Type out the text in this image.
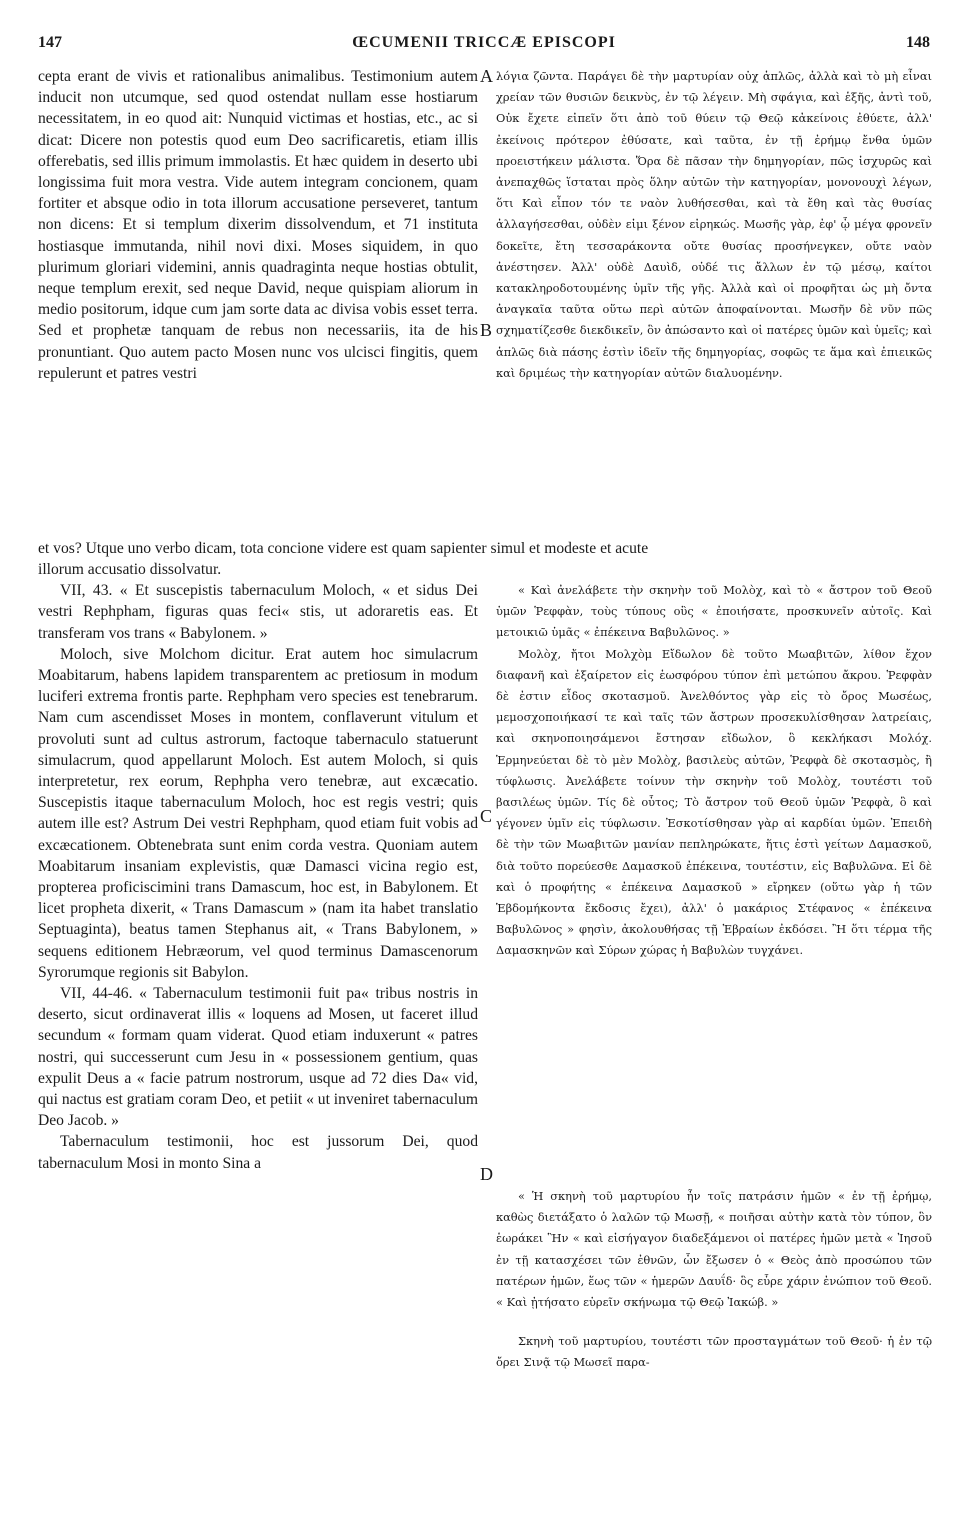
147	ŒCUMENII TRICCÆ EPISCOPI	148

cepta erant de vivis et rationalibus animalibus. Testimonium autem inducit non utcumque, sed quod ostendat nullam esse hostiarum necessitatem, in eo quod ait: Nunquid victimas et hostias, etc., ac si dicat: Dicere non potestis quod eum Deo sacrificaretis, etiam illis offerebatis, sed illis primum immolastis. Et hæc quidem in deserto ubi longissima fuit mora vestra. Vide autem integram concionem, quam fortiter et absque odio in tota illorum accusatione perseveret, tantum non dicens: Et si templum dixerim dissolvendum, et 71 instituta hostiasque immutanda, nihil novi dixi. Moses siquidem, in quo plurimum gloriari videmini, annis quadraginta neque hostias obtulit, neque templum erexit, sed neque David, neque quispiam aliorum in medio positorum, idque cum jam sorte data ac divisa vobis esset terra. Sed et prophetæ tanquam de rebus non necessariis, ita de his pronuntiant. Quo autem pacto Mosen nunc vos ulcisci fingitis, quem repulerunt et patres vestri

A
B

λόγια ζῶντα. Παράγει δὲ τὴν μαρτυρίαν οὐχ ἁπλῶς, ἀλλὰ καὶ τὸ μὴ εἶναι χρείαν τῶν θυσιῶν δεικνὺς, ἐν τῷ λέγειν. Μὴ σφάγια, καὶ ἑξῆς, ἀντὶ τοῦ, Οὐκ ἔχετε εἰπεῖν ὅτι ἀπὸ τοῦ θύειν τῷ Θεῷ κἀκείνοις ἐθύετε, ἀλλ' ἐκείνοις πρότερον ἐθύσατε, καὶ ταῦτα, ἐν τῇ ἐρήμῳ ἔνθα ὑμῶν προειστήκειν μάλιστα. Ὅρα δὲ πᾶσαν τὴν δημηγορίαν, πῶς ἰσχυρῶς καὶ ἀνεπαχθῶς ἵσταται πρὸς ὅλην αὐτῶν τὴν κατηγορίαν, μονονουχὶ λέγων, ὅτι Καὶ εἶπον τόν τε ναὸν λυθήσεσθαι, καὶ τὰ ἔθη καὶ τὰς θυσίας ἀλλαγήσεσθαι, οὐδὲν εἰμι ξένον εἰρηκώς. Μωσῆς γὰρ, ἐφ' ᾧ μέγα φρονεῖν δοκεῖτε, ἔτη τεσσαράκοντα οὔτε θυσίας προσήνεγκεν, οὔτε ναὸν ἀνέστησεν. Ἀλλ' οὐδὲ Δαυὶδ, οὐδέ τις ἄλλων ἐν τῷ μέσῳ, καίτοι κατακληροδοτουμένης ὑμῖν τῆς γῆς. Ἀλλὰ καὶ οἱ προφῆται ὡς μὴ ὄντα ἀναγκαῖα ταῦτα οὕτω περὶ αὐτῶν ἀποφαίνονται. Μωσῆν δὲ νῦν πῶς σχηματίζεσθε διεκδικεῖν, ὃν ἀπώσαντο καὶ οἱ πατέρες ὑμῶν καὶ ὑμεῖς; καὶ ἁπλῶς διὰ πάσης ἐστὶν ἰδεῖν τῆς δημηγορίας, σοφῶς τε ἅμα καὶ ἐπιεικῶς καὶ δριμέως τὴν κατηγορίαν αὐτῶν διαλυομένην.

et vos? Utque uno verbo dicam, tota concione videre est quam sapienter simul et modeste et acute

illorum accusatio dissolvatur.

VII, 43. « Et suscepistis tabernaculum Moloch, « et sidus Dei vestri Rephpham, figuras quas feci« stis, ut adoraretis eas. Et transferam vos trans « Babylonem. »

Moloch, sive Molchom dicitur. Erat autem hoc simulacrum Moabitarum, habens lapidem transparentem ac pretiosum in modum luciferi extrema frontis parte. Rephpham vero species est tenebrarum. Nam cum ascendisset Moses in montem, conflaverunt vitulum et provoluti sunt ad cultus astrorum, factoque tabernaculo statuerunt simulacrum, quod appellarunt Moloch. Est autem Moloch, si quis interpretetur, rex eorum, Rephpha vero tenebræ, aut excæcatio. Suscepistis itaque tabernaculum Moloch, hoc est regis vestri; quis autem ille est? Astrum Dei vestri Rephpham, quod etiam fuit vobis ad excæcationem. Obtenebrata sunt enim corda vestra. Quoniam autem Moabitarum insaniam explevistis, quæ Damasci vicina regio est, propterea proficiscimini trans Damascum, hoc est, in Babylonem. Et licet propheta dixerit, « Trans Damascum » (nam ita habet translatio Septuaginta), beatus tamen Stephanus ait, « Trans Babylonem, » sequens editionem Hebræorum, vel quod terminus Damascenorum Syrorumque regionis sit Babylon.

VII, 44-46. « Tabernaculum testimonii fuit pa« tribus nostris in deserto, sicut ordinaverat illis « loquens ad Mosen, ut faceret illud secundum « formam quam viderat. Quod etiam induxerunt « patres nostri, qui successerunt cum Jesu in « possessionem gentium, quas expulit Deus a « facie patrum nostrorum, usque ad 72 dies Da« vid, qui nactus est gratiam coram Deo, et petiit « ut inveniret tabernaculum Deo Jacob. »

Tabernaculum testimonii, hoc est jussorum Dei, quod tabernaculum Mosi in monto Sina a

« Καὶ ἀνελάβετε τὴν σκηνὴν τοῦ Μολὸχ, καὶ τὸ « ἄστρον τοῦ Θεοῦ ὑμῶν Ῥεφφὰν, τοὺς τύπους οὓς « ἐποιήσατε, προσκυνεῖν αὐτοῖς. Καὶ μετοικιῶ ὑμᾶς « ἐπέκεινα Βαβυλῶνος. »

Μολὸχ, ἤτοι Μολχὸμ Εἴδωλον δὲ τοῦτο Μωαβιτῶν, λίθον ἔχον διαφανῆ καὶ ἐξαίρετον εἰς ἑωσφόρου τύπον ἐπὶ μετώπου ἄκρου. Ῥεφφὰν δὲ ἐστιν εἶδος σκοτασμοῦ. Ἀνελθόντος γὰρ εἰς τὸ ὄρος Μωσέως, μεμοσχοποιήκασί τε καὶ ταῖς τῶν ἄστρων προσεκυλίσθησαν λατρείαις, καὶ σκηνοποιησάμενοι ἔστησαν εἴδωλον, ὃ κεκλήκασι Μολόχ. Ἑρμηνεύεται δὲ τὸ μὲν Μολὸχ, βασιλεὺς αὐτῶν, Ῥεφφὰ δὲ σκοτασμὸς, ἢ τύφλωσις. Ἀνελάβετε τοίνυν τὴν σκηνὴν τοῦ Μολὸχ, τουτέστι τοῦ βασιλέως ὑμῶν. Τίς δὲ οὗτος; Τὸ ἄστρον τοῦ Θεοῦ ὑμῶν Ῥεφφὰ, ὃ καὶ γέγονεν ὑμῖν εἰς τύφλωσιν. Ἐσκοτίσθησαν γὰρ αἱ καρδίαι ὑμῶν. Ἐπειδὴ δὲ τὴν τῶν Μωαβιτῶν μανίαν πεπληρώκατε, ἥτις ἐστὶ γείτων Δαμασκοῦ, διὰ τοῦτο πορεύεσθε Δαμασκοῦ ἐπέκεινα, τουτέστιν, εἰς Βαβυλῶνα. Εἰ δὲ καὶ ὁ προφήτης « ἐπέκεινα Δαμασκοῦ » εἴρηκεν (οὕτω γὰρ ἡ τῶν Ἑβδομήκοντα ἔκδοσις ἔχει), ἀλλ' ὁ μακάριος Στέφανος « ἐπέκεινα Βαβυλῶνος » φησὶν, ἀκολουθήσας τῇ Ἑβραίων ἐκδόσει. Ἢ ὅτι τέρμα τῆς Δαμασκηνῶν καὶ Σύρων χώρας ἡ Βαβυλὼν τυγχάνει.

C
D

« Ἡ σκηνὴ τοῦ μαρτυρίου ἦν τοῖς πατράσιν ἡμῶν « ἐν τῇ ἐρήμῳ, καθὼς διετάξατο ὁ λαλῶν τῷ Μωσῇ, « ποιῆσαι αὐτὴν κατὰ τὸν τύπον, ὃν ἑωράκει Ἣν « καὶ εἰσήγαγον διαδεξάμενοι οἱ πατέρες ἡμῶν μετὰ « Ἰησοῦ ἐν τῇ κατασχέσει τῶν ἐθνῶν, ὧν ἔξωσεν ὁ « Θεὸς ἀπὸ προσώπου τῶν πατέρων ἡμῶν, ἕως τῶν « ἡμερῶν Δαυΐδ· ὃς εὗρε χάριν ἐνώπιον τοῦ Θεοῦ. « Καὶ ᾐτήσατο εὑρεῖν σκήνωμα τῷ Θεῷ Ἰακώβ. »

Σκηνὴ τοῦ μαρτυρίου, τουτέστι τῶν προσταγμάτων τοῦ Θεοῦ· ἡ ἐν τῷ ὄρει Σινᾷ τῷ Μωσεῖ παρα-
